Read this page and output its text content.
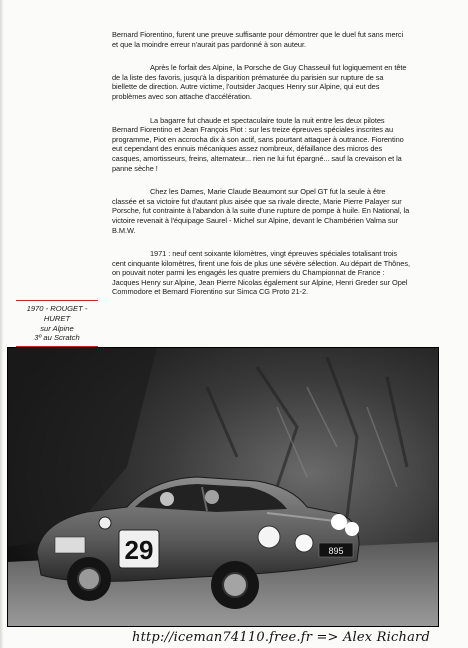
Bernard Fiorentino, furent une preuve suffisante pour démontrer que le duel fut sans merci et que la moindre erreur n'aurait pas pardonné à son auteur.

Après le forfait des Alpine, la Porsche de Guy Chasseuil fut logiquement en tête de la liste des favoris, jusqu'à la disparition prématurée du parisien sur rupture de sa biellette de direction. Autre victime, l'outsider Jacques Henry sur Alpine, qui eut des problèmes avec son attache d'accélération.

La bagarre fut chaude et spectaculaire toute la nuit entre les deux pilotes Bernard Fiorentino et Jean François Piot : sur les treize épreuves spéciales inscrites au programme, Piot en accrocha dix à son actif, sans pourtant attaquer à outrance. Fiorentino eut cependant des ennuis mécaniques assez nombreux, défaillance des micros des casques, amortisseurs, freins, alternateur... rien ne lui fut épargné... sauf la crevaison et la panne sèche !

Chez les Dames, Marie Claude Beaumont sur Opel GT fut la seule à être classée et sa victoire fut d'autant plus aisée que sa rivale directe, Marie Pierre Palayer sur Porsche, fut contrainte à l'abandon à la suite d'une rupture de pompe à huile. En National, la victoire revenait à l'équipage Saurel - Michel sur Alpine, devant le Chambérien Valma sur B.M.W.

1971 : neuf cent soixante kilomètres, vingt épreuves spéciales totalisant trois cent cinquante kilomètres, firent une fois de plus une sévère sélection. Au départ de Thônes, on pouvait noter parmi les engagés les quatre premiers du Championnat de France : Jacques Henry sur Alpine, Jean Pierre Nicolas également sur Alpine, Henri Greder sur Opel Commodore et Bernard Fiorentino sur Simca CG Proto 21-2.

1970 - ROUGET -
HURET
sur Alpine
3º au Scratch
29	895
http://iceman74110.free.fr => Alex Richard
